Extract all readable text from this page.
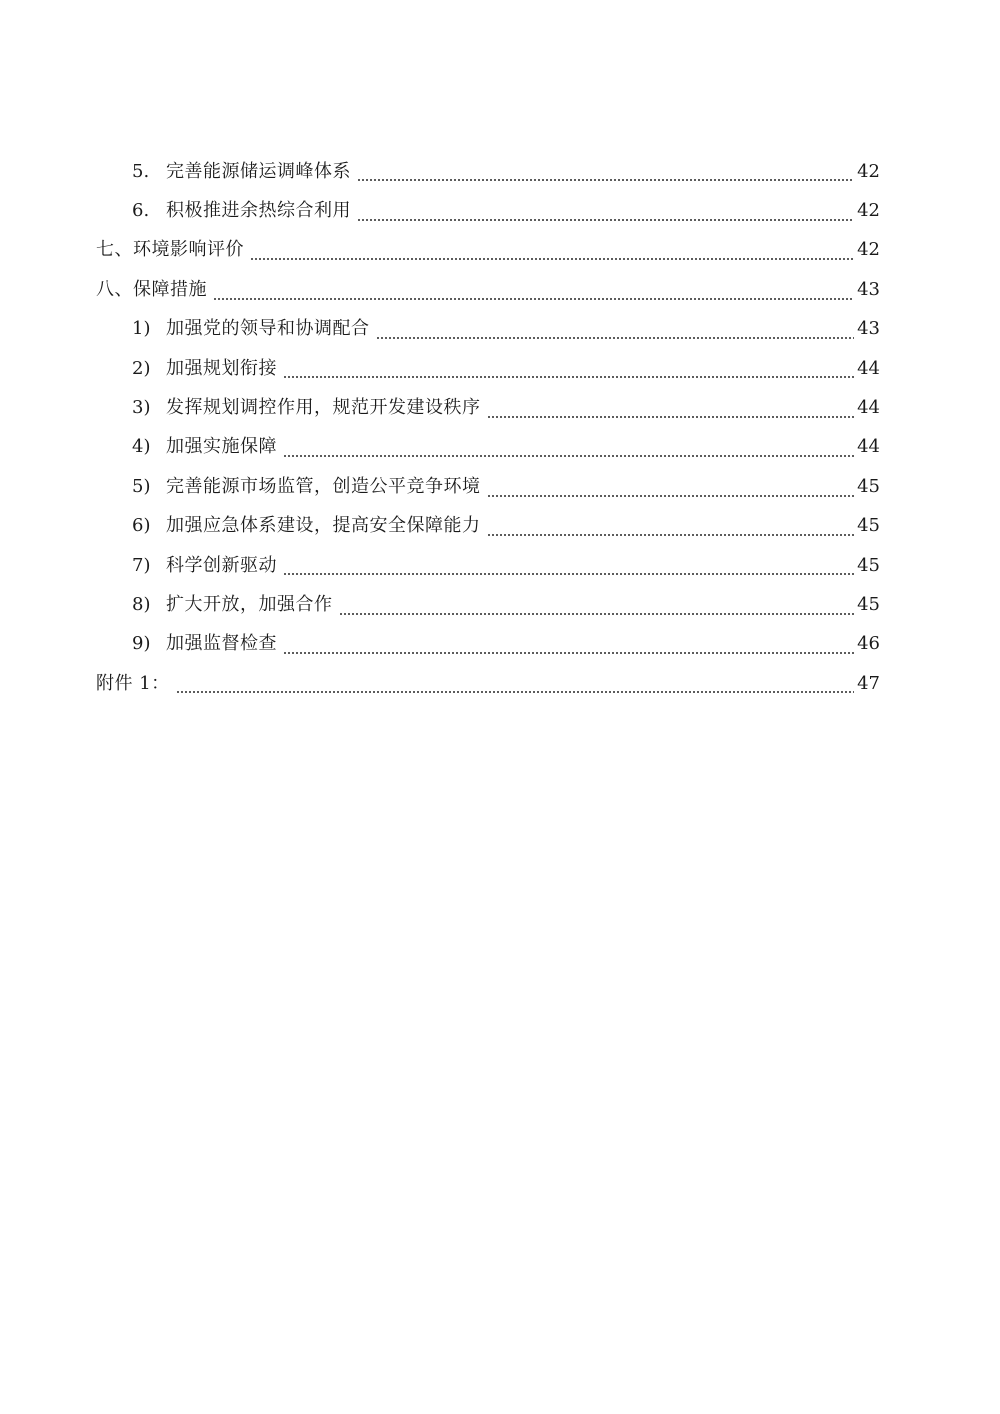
5. 完善能源储运调峰体系	42
6. 积极推进余热综合利用	42
七、环境影响评价	42
八、保障措施	43
1) 加强党的领导和协调配合	43
2) 加强规划衔接	44
3) 发挥规划调控作用，规范开发建设秩序	44
4) 加强实施保障	44
5) 完善能源市场监管，创造公平竞争环境	45
6) 加强应急体系建设，提高安全保障能力	45
7) 科学创新驱动	45
8) 扩大开放，加强合作	45
9) 加强监督检查	46
附件 1：	47
